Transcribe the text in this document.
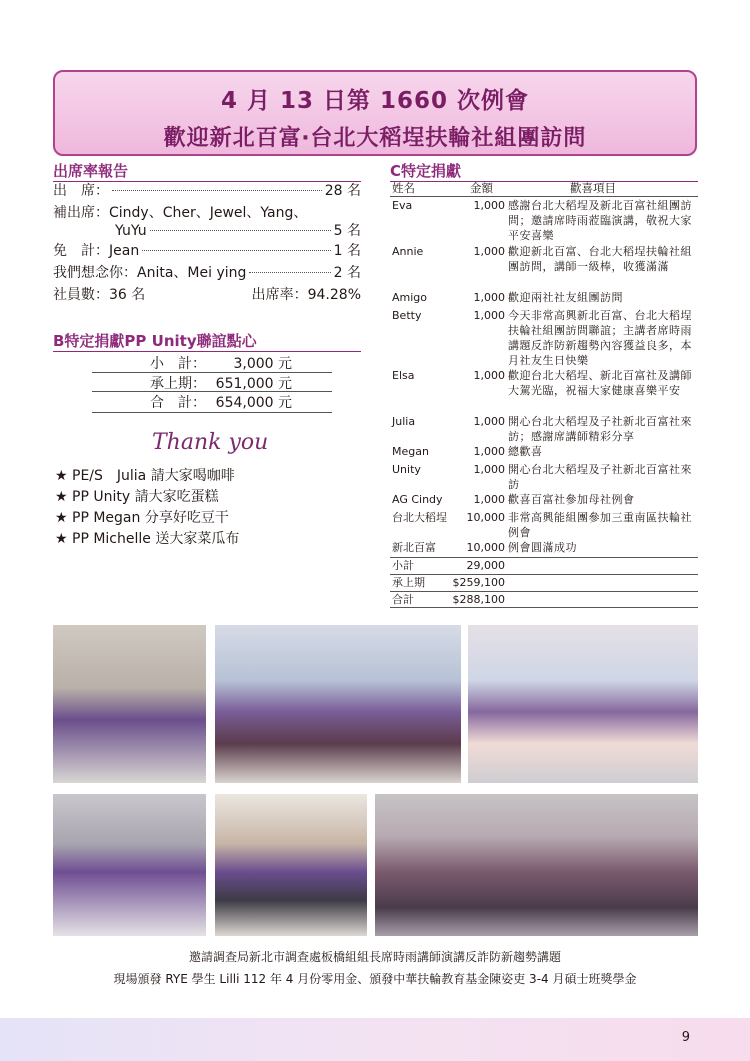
4 月 13 日第 1660 次例會
歡迎新北百富‧台北大稻埕扶輪社組團訪問
出席率報告
出　席：	28 名
補出席：Cindy、Cher、Jewel、Yang、
YuYu	5 名
免　計：Jean	1 名
我們想念你：Anita、Mei ying	2 名
社員數：36 名	出席率：94.28%
B特定捐獻PP Unity聯誼點心
小　計： 3,000 元
承上期： 651,000 元
合　計： 654,000 元
Thank you
★ PE/S　Julia 請大家喝咖啡
★ PP Unity 請大家吃蛋糕
★ PP Megan 分享好吃豆干
★ PP Michelle 送大家菜瓜布
C特定捐獻
姓名	金額	歡喜項目
Eva	1,000 感謝台北大稻埕及新北百富社組團訪問；邀請席時雨蒞臨演講，敬祝大家平安喜樂
Annie	1,000 歡迎新北百富、台北大稻埕扶輪社組團訪問，講師一級棒，收獲滿滿
Amigo	1,000 歡迎兩社社友組團訪問
Betty	1,000 今天非常高興新北百富、台北大稻埕扶輪社組團訪問聯誼；主講者席時雨講題反詐防新趨勢內容獲益良多，本月社友生日快樂
Elsa	1,000 歡迎台北大稻埕、新北百富社及講師大駕光臨，祝福大家健康喜樂平安
Julia	1,000 開心台北大稻埕及子社新北百富社來訪；感謝席講師精彩分享
Megan	1,000 總歡喜
Unity	1,000 開心台北大稻埕及子社新北百富社來訪
AG Cindy	1,000 歡喜百富社參加母社例會
台北大稻埕	10,000 非常高興能組團參加三重南區扶輪社例會
新北百富	10,000 例會圓滿成功
小計	29,000
承上期	$259,100
合計	$288,100
邀請調查局新北市調查處板橋組組長席時雨講師演講反詐防新趨勢講題
現場頒發 RYE 學生 Lilli 112 年 4 月份零用金、頒發中華扶輪教育基金陳姿吏 3-4 月碩士班獎學金
9
